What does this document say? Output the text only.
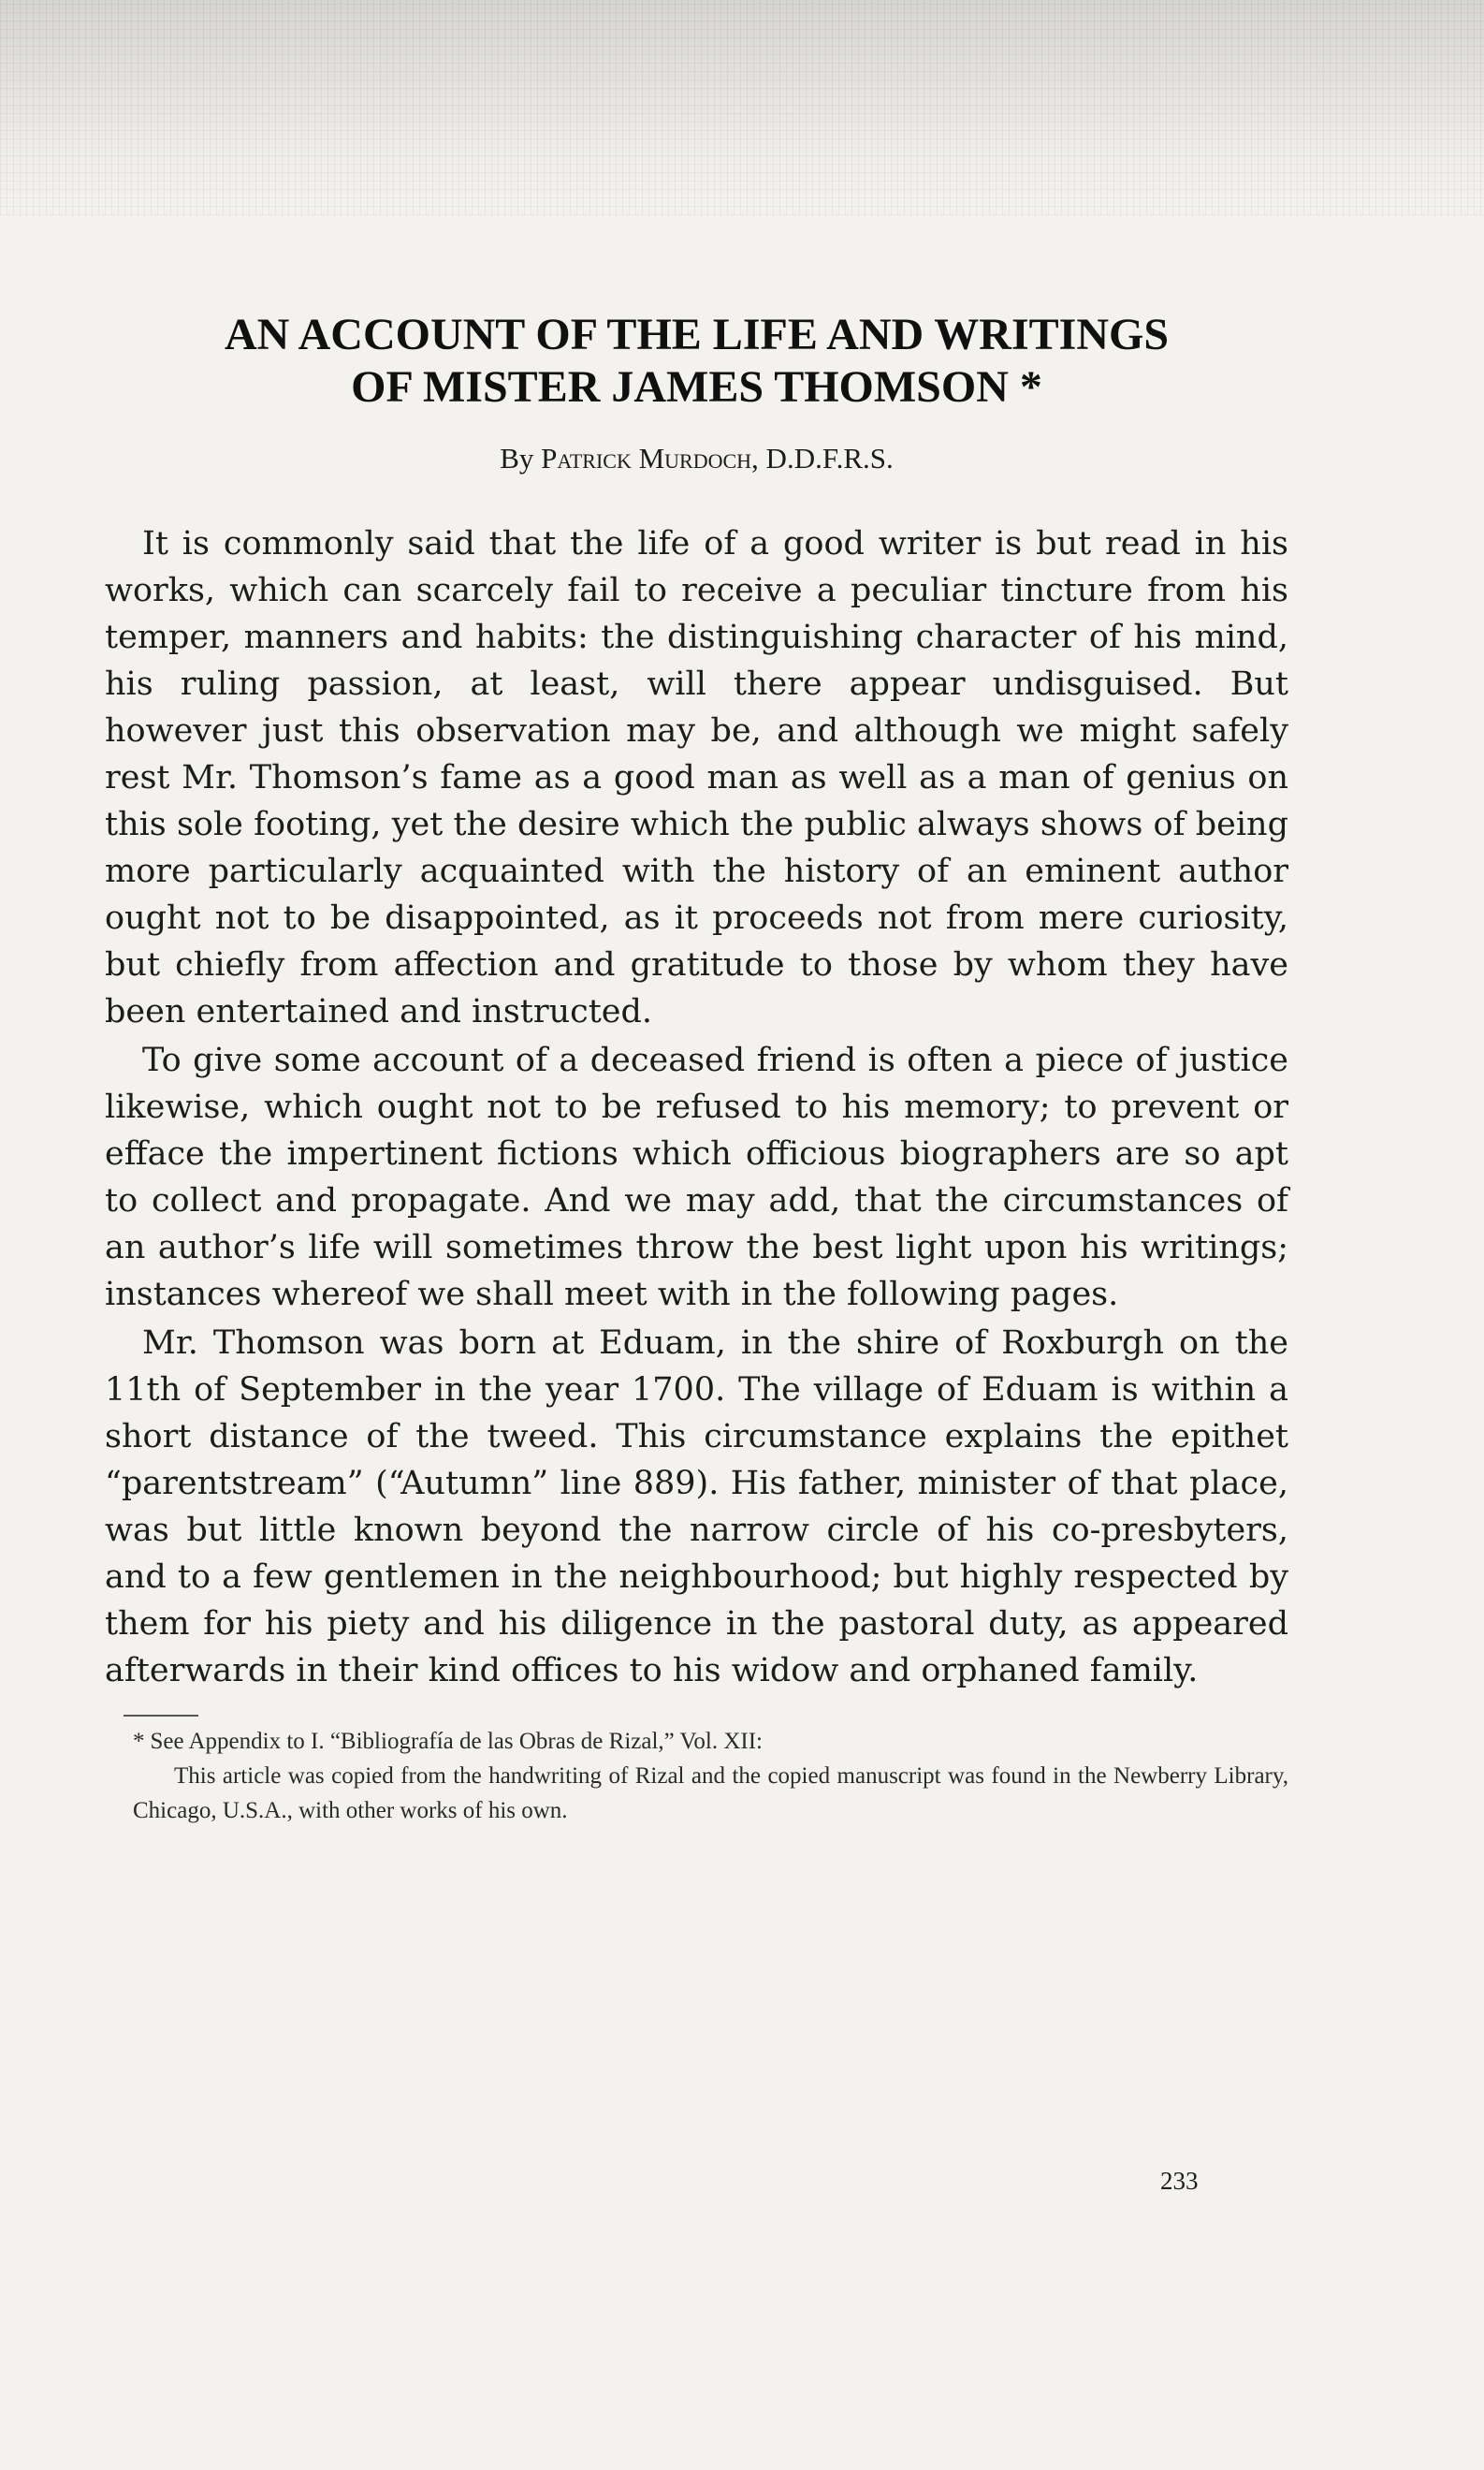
AN ACCOUNT OF THE LIFE AND WRITINGS
OF MISTER JAMES THOMSON *
By Patrick Murdoch, D.D.F.R.S.

It is commonly said that the life of a good writer is but read in his works, which can scarcely fail to receive a peculiar tincture from his temper, manners and habits: the distinguishing character of his mind, his ruling passion, at least, will there appear undisguised. But however just this observation may be, and although we might safely rest Mr. Thomson’s fame as a good man as well as a man of genius on this sole footing, yet the desire which the public always shows of being more particularly acquainted with the history of an eminent author ought not to be disappointed, as it proceeds not from mere curiosity, but chiefly from affection and gratitude to those by whom they have been entertained and instructed.

To give some account of a deceased friend is often a piece of justice likewise, which ought not to be refused to his memory; to prevent or efface the impertinent fictions which officious biographers are so apt to collect and propagate. And we may add, that the circumstances of an author’s life will sometimes throw the best light upon his writings; instances whereof we shall meet with in the following pages.

Mr. Thomson was born at Eduam, in the shire of Roxburgh on the 11th of September in the year 1700. The village of Eduam is within a short distance of the tweed. This circumstance explains the epithet “parentstream” (“Autumn” line 889). His father, minister of that place, was but little known beyond the narrow circle of his co-presbyters, and to a few gentlemen in the neighbourhood; but highly respected by them for his piety and his diligence in the pastoral duty, as appeared afterwards in their kind offices to his widow and orphaned family.

* See Appendix to I. “Bibliografía de las Obras de Rizal,” Vol. XII:
This article was copied from the handwriting of Rizal and the copied manuscript was found in the Newberry Library, Chicago, U.S.A., with other works of his own.

233
